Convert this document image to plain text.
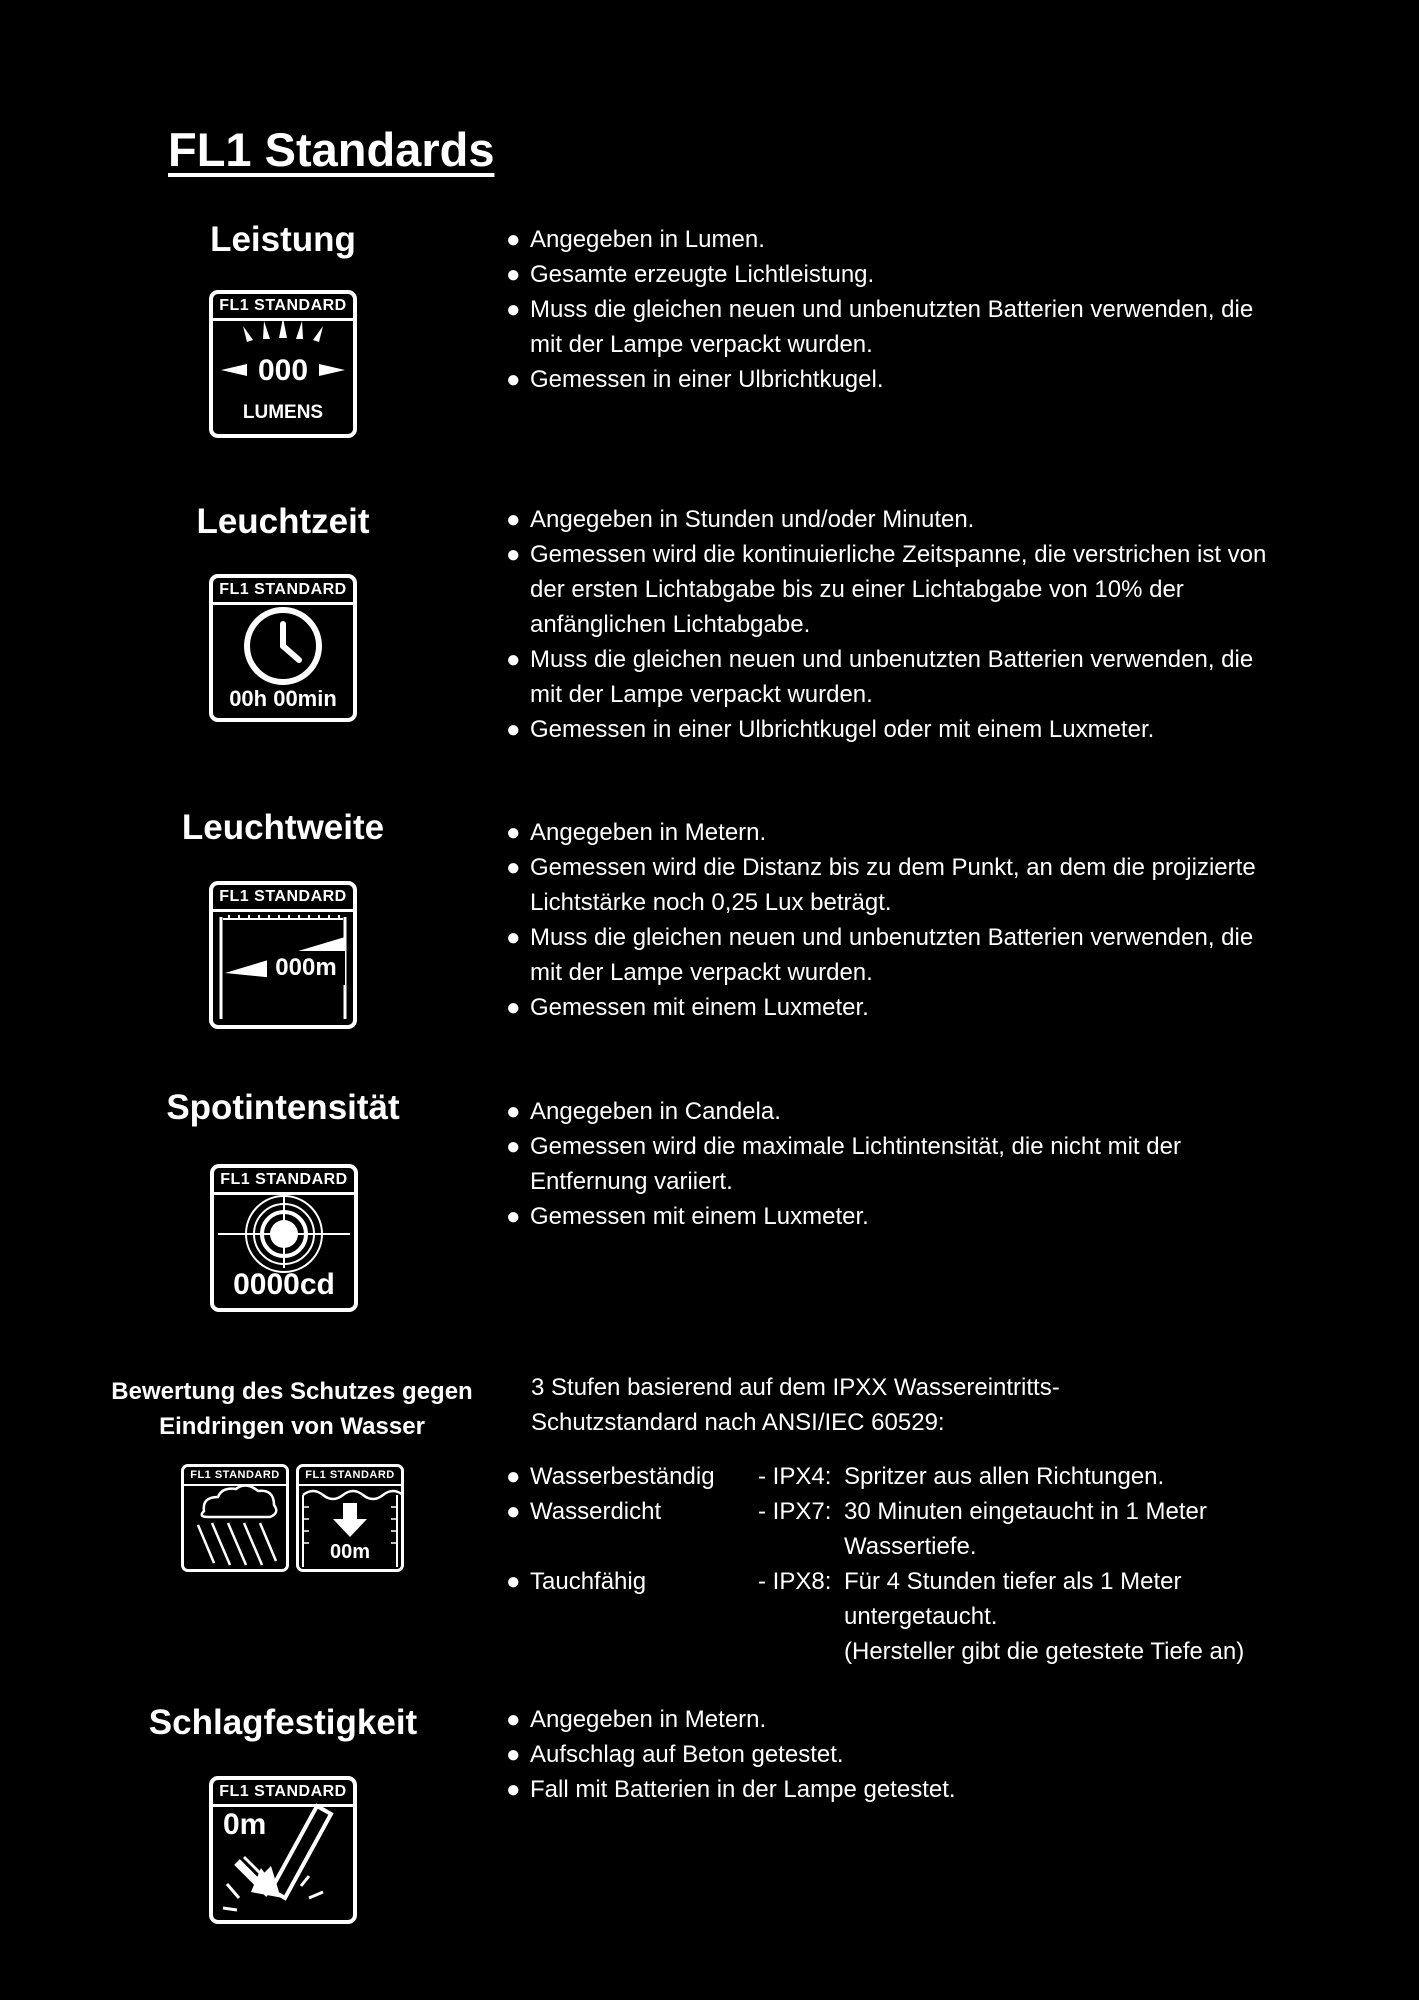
FL1 Standards
Leistung
FL1 STANDARD
000
LUMENS
● Angegeben in Lumen.
● Gesamte erzeugte Lichtleistung.
● Muss die gleichen neuen und unbenutzten Batterien verwenden, die mit der Lampe verpackt wurden.
● Gemessen in einer Ulbrichtkugel.
Leuchtzeit
FL1 STANDARD
00h 00min
● Angegeben in Stunden und/oder Minuten.
● Gemessen wird die kontinuierliche Zeitspanne, die verstrichen ist von der ersten Lichtabgabe bis zu einer Lichtabgabe von 10% der anfänglichen Lichtabgabe.
● Muss die gleichen neuen und unbenutzten Batterien verwenden, die mit der Lampe verpackt wurden.
● Gemessen in einer Ulbrichtkugel oder mit einem Luxmeter.
Leuchtweite
FL1 STANDARD
000m
● Angegeben in Metern.
● Gemessen wird die Distanz bis zu dem Punkt, an dem die projizierte Lichtstärke noch 0,25 Lux beträgt.
● Muss die gleichen neuen und unbenutzten Batterien verwenden, die mit der Lampe verpackt wurden.
● Gemessen mit einem Luxmeter.
Spotintensität
FL1 STANDARD
0000cd
● Angegeben in Candela.
● Gemessen wird die maximale Lichtintensität, die nicht mit der Entfernung variiert.
● Gemessen mit einem Luxmeter.
Bewertung des Schutzes gegen
Eindringen von Wasser
FL1 STANDARD	FL1 STANDARD
00m
3 Stufen basierend auf dem IPXX Wassereintritts-
Schutzstandard nach ANSI/IEC 60529:
● Wasserbeständig	- IPX4:	Spritzer aus allen Richtungen.

● Wasserdicht	- IPX7:	30 Minuten eingetaucht in 1 Meter
Wassertiefe.

● Tauchfähig	- IPX8:	Für 4 Stunden tiefer als 1 Meter
untergetaucht.
(Hersteller gibt die getestete Tiefe an)
Schlagfestigkeit
FL1 STANDARD
0m
● Angegeben in Metern.
● Aufschlag auf Beton getestet.
● Fall mit Batterien in der Lampe getestet.
